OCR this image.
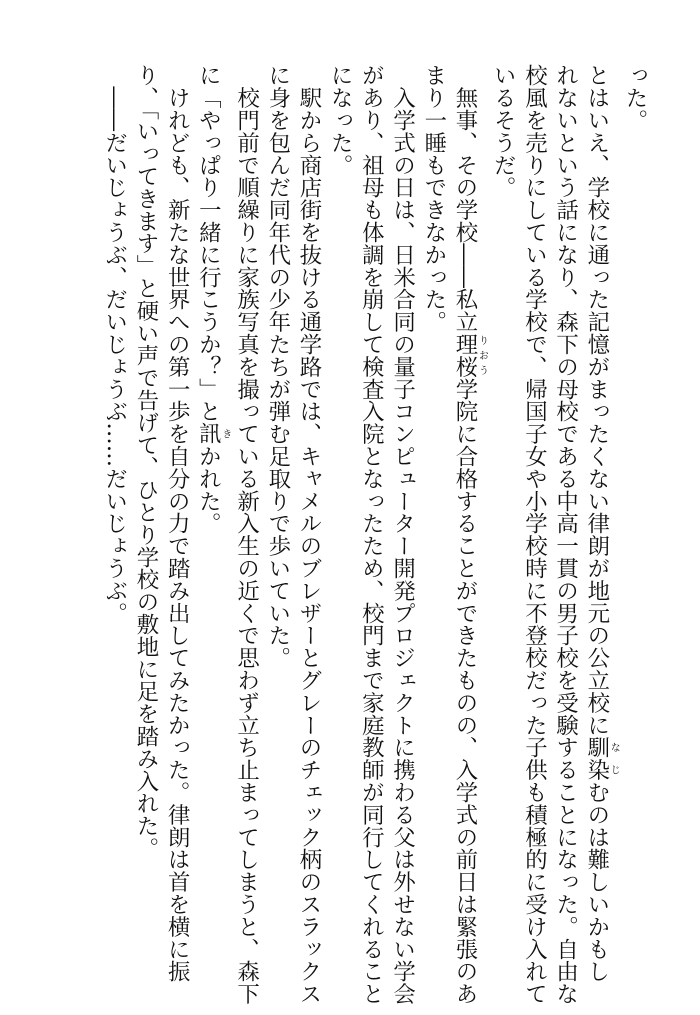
った。
とはいえ、学校に通った記憶がまったくない律朗が地元の公立校に馴染なじむのは難しいかもし
れないという話になり、森下の母校である中高一貫の男子校を受験することになった。自由な
校風を売りにしている学校で、帰国子女や小学校時に不登校だった子供も積極的に受け入れて
いるそうだ。
　無事、その学校――私立理桜りおう学院に合格することができたものの、入学式の前日は緊張のあ
まり一睡もできなかった。
　入学式の日は、日米合同の量子コンピューター開発プロジェクトに携わる父は外せない学会
があり、祖母も体調を崩して検査入院となったため、校門まで家庭教師が同行してくれること
になった。
　駅から商店街を抜ける通学路では、キャメルのブレザーとグレーのチェック柄のスラックス
に身を包んだ同年代の少年たちが弾む足取りで歩いていた。
　校門前で順繰りに家族写真を撮っている新入生の近くで思わず立ち止まってしまうと、森下
に「やっぱり一緒に行こうか？」と訊きかれた。
　けれども、新たな世界への第一歩を自分の力で踏み出してみたかった。律朗は首を横に振
り、「いってきます」と硬い声で告げて、ひとり学校の敷地に足を踏み入れた。
　――だいじょうぶ、だいじょうぶ……だいじょうぶ。
